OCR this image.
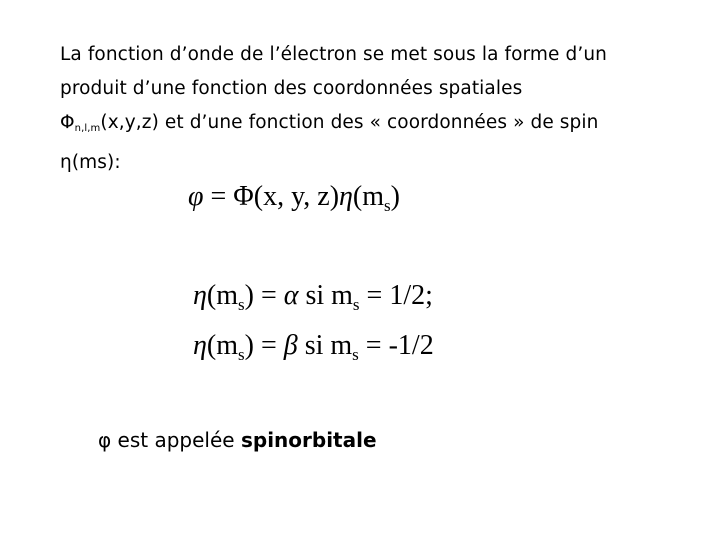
La fonction d’onde de l’électron se met sous la forme d’un
produit d’une fonction des coordonnées spatiales
$\Phi_{n,l,m}(x,y,z)$ et d’une fonction des « coordonnées » de spin
η(ms):
φ = Φ(x, y, $z)\eta(m_s)$
$\eta(m_s) = \alpha$ si $m_s = 1/2$;
$\eta(m_s) = \beta$ si $m_s = -1/2$
φ est appelée spinorbitale
